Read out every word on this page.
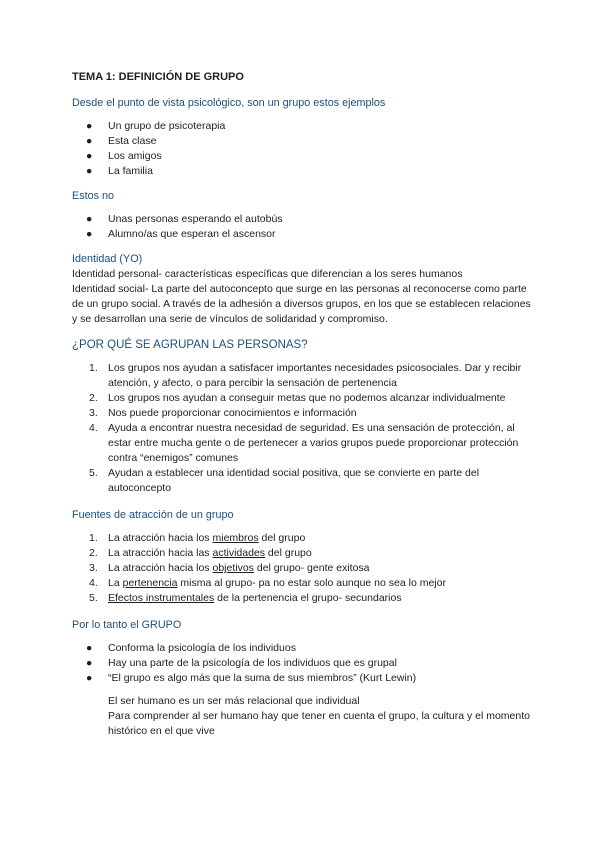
TEMA 1: DEFINICIÓN DE GRUPO
Desde el punto de vista psicológico, son un grupo estos ejemplos
● Un grupo de psicoterapia
● Esta clase
● Los amigos
● La familia
Estos no
● Unas personas esperando el autobús
● Alumno/as que esperan el ascensor
Identidad (YO)

Identidad personal- características específicas que diferencian a los seres humanos

Identidad social- La parte del autoconcepto que surge en las personas al reconocerse como parte de un grupo social. A través de la adhesión a diversos grupos, en los que se establecen relaciones y se desarrollan una serie de vínculos de solidaridad y compromiso.

¿POR QUÉ SE AGRUPAN LAS PERSONAS?
1. Los grupos nos ayudan a satisfacer importantes necesidades psicosociales. Dar y recibir atención, y afecto, o para percibir la sensación de pertenencia
2. Los grupos nos ayudan a conseguir metas que no podemos alcanzar individualmente
3. Nos puede proporcionar conocimientos e información
4. Ayuda a encontrar nuestra necesidad de seguridad. Es una sensación de protección, al estar entre mucha gente o de pertenecer a varios grupos puede proporcionar protección contra “enemigos” comunes
5. Ayudan a establecer una identidad social positiva, que se convierte en parte del autoconcepto
Fuentes de atracción de un grupo
1. La atracción hacia los miembros del grupo
2. La atracción hacia las actividades del grupo
3. La atracción hacia los objetivos del grupo- gente exitosa
4. La pertenencia misma al grupo- pa no estar solo aunque no sea lo mejor
5. Efectos instrumentales de la pertenencia el grupo- secundarios
Por lo tanto el GRUPO
● Conforma la psicología de los individuos
● Hay una parte de la psicología de los individuos que es grupal
● “El grupo es algo más que la suma de sus miembros” (Kurt Lewin)

El ser humano es un ser más relacional que individual

Para comprender al ser humano hay que tener en cuenta el grupo, la cultura y el momento histórico en el que vive
